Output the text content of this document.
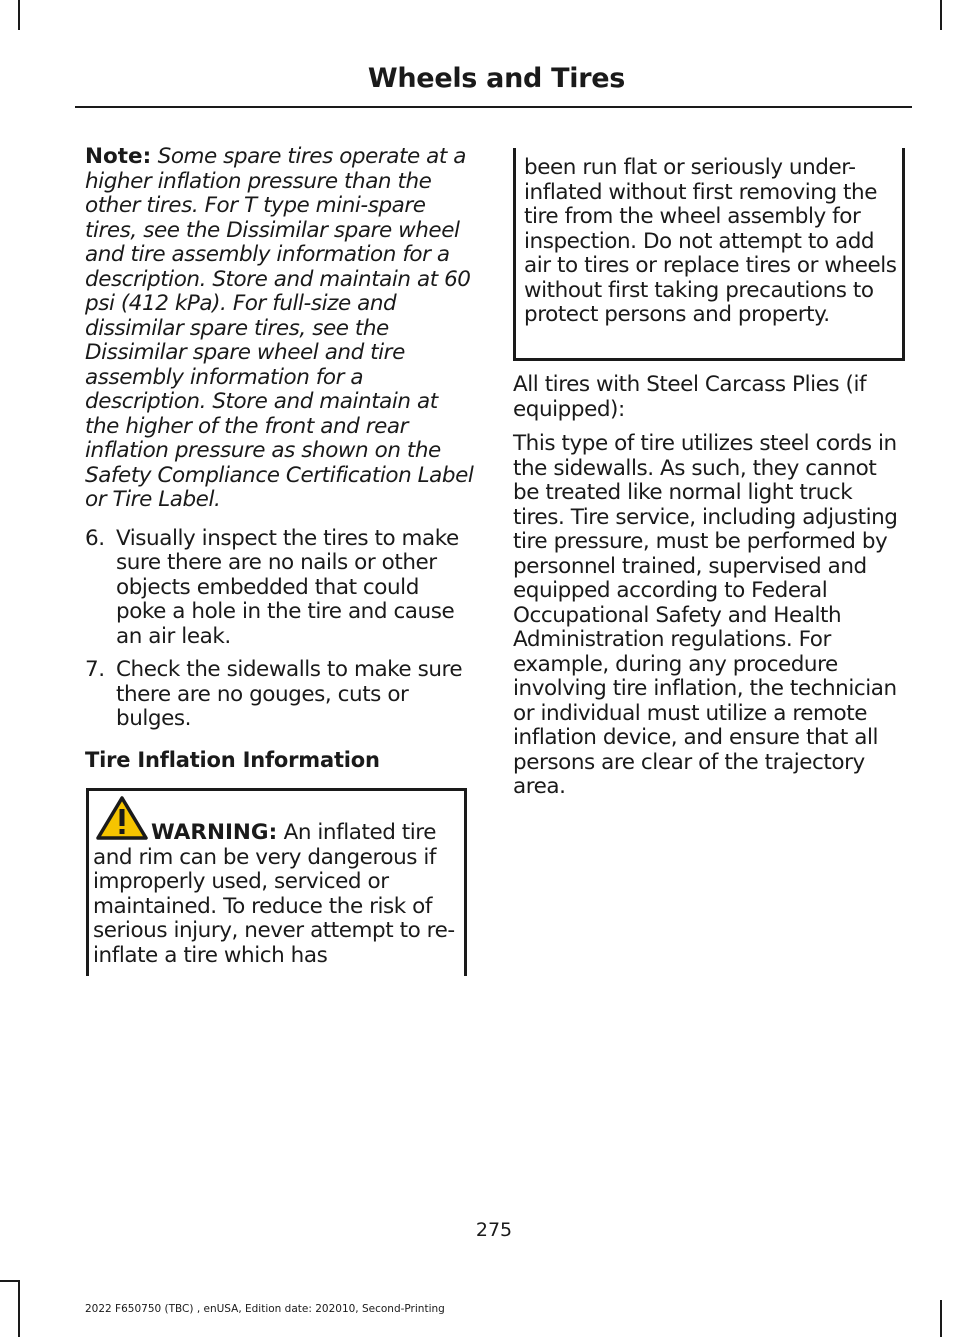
Wheels and Tires

Note: Some spare tires operate at a higher inflation pressure than the other tires. For T type mini-spare tires, see the Dissimilar spare wheel and tire assembly information for a description. Store and maintain at 60 psi (412 kPa). For full-size and dissimilar spare tires, see the Dissimilar spare wheel and tire assembly information for a description. Store and maintain at the higher of the front and rear inflation pressure as shown on the Safety Compliance Certification Label or Tire Label.

6. Visually inspect the tires to make sure there are no nails or other objects embedded that could poke a hole in the tire and cause an air leak.
7. Check the sidewalls to make sure there are no gouges, cuts or bulges.
Tire Inflation Information
WARNING: An inflated tire and rim can be very dangerous if improperly used, serviced or maintained. To reduce the risk of serious injury, never attempt to re-inflate a tire which has
been run flat or seriously under-inflated without first removing the tire from the wheel assembly for inspection. Do not attempt to add air to tires or replace tires or wheels without first taking precautions to protect persons and property.

All tires with Steel Carcass Plies (if equipped):

This type of tire utilizes steel cords in the sidewalls. As such, they cannot be treated like normal light truck tires. Tire service, including adjusting tire pressure, must be performed by personnel trained, supervised and equipped according to Federal Occupational Safety and Health Administration regulations. For example, during any procedure involving tire inflation, the technician or individual must utilize a remote inflation device, and ensure that all persons are clear of the trajectory area.

275
2022 F650750 (TBC) , enUSA, Edition date: 202010, Second-Printing
